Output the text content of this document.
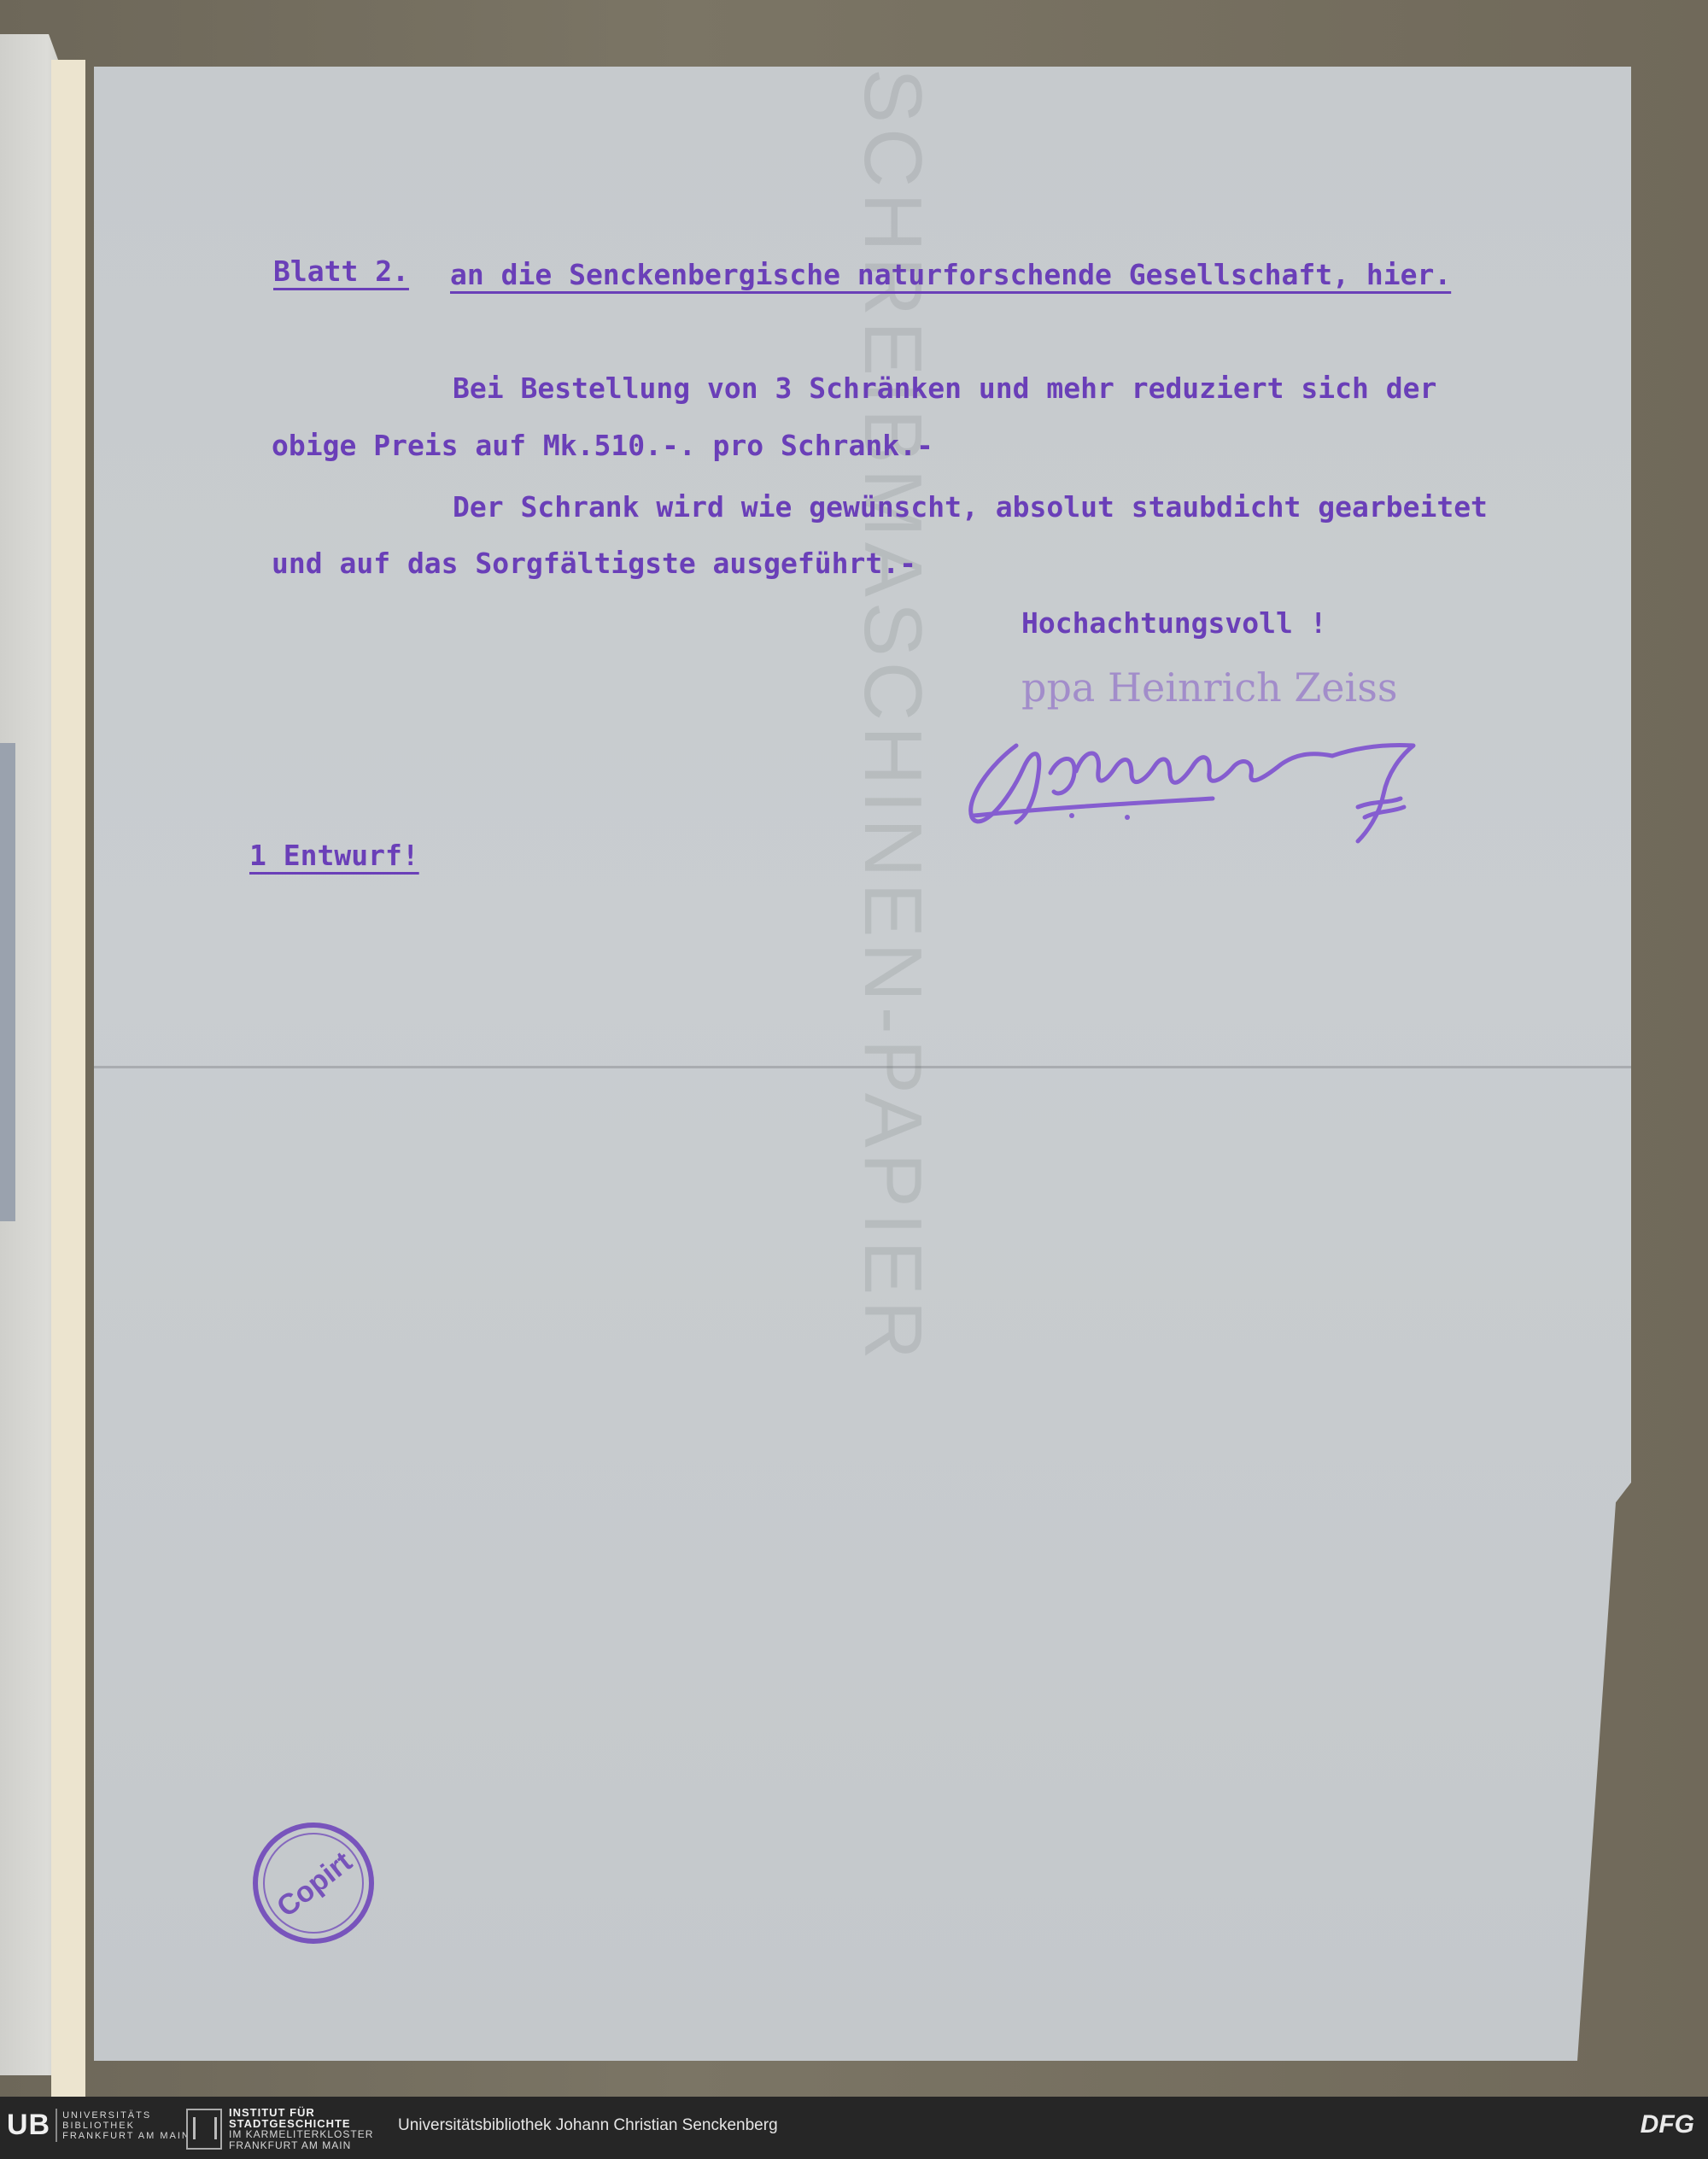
SCHREIBMASCHINEN-PAPIER
Blatt 2. an die Senckenbergische naturforschende Gesellschaft, hier.
Bei Bestellung von 3 Schränken und mehr reduziert sich der
obige Preis auf Mk.510.-. pro Schrank.-
Der Schrank wird wie gewünscht, absolut staubdicht gearbeitet
und auf das Sorgfältigste ausgeführt.-
Hochachtungsvoll !
ppa Heinrich Zeiss
1 Entwurf!
Copirt
UB	UNIVERSITÄTS
BIBLIOTHEK
FRANKFURT AM MAIN
INSTITUT FÜR
STADTGESCHICHTE
IM KARMELITERKLOSTER
FRANKFURT AM MAIN
Universitätsbibliothek Johann Christian Senckenberg	DFG
